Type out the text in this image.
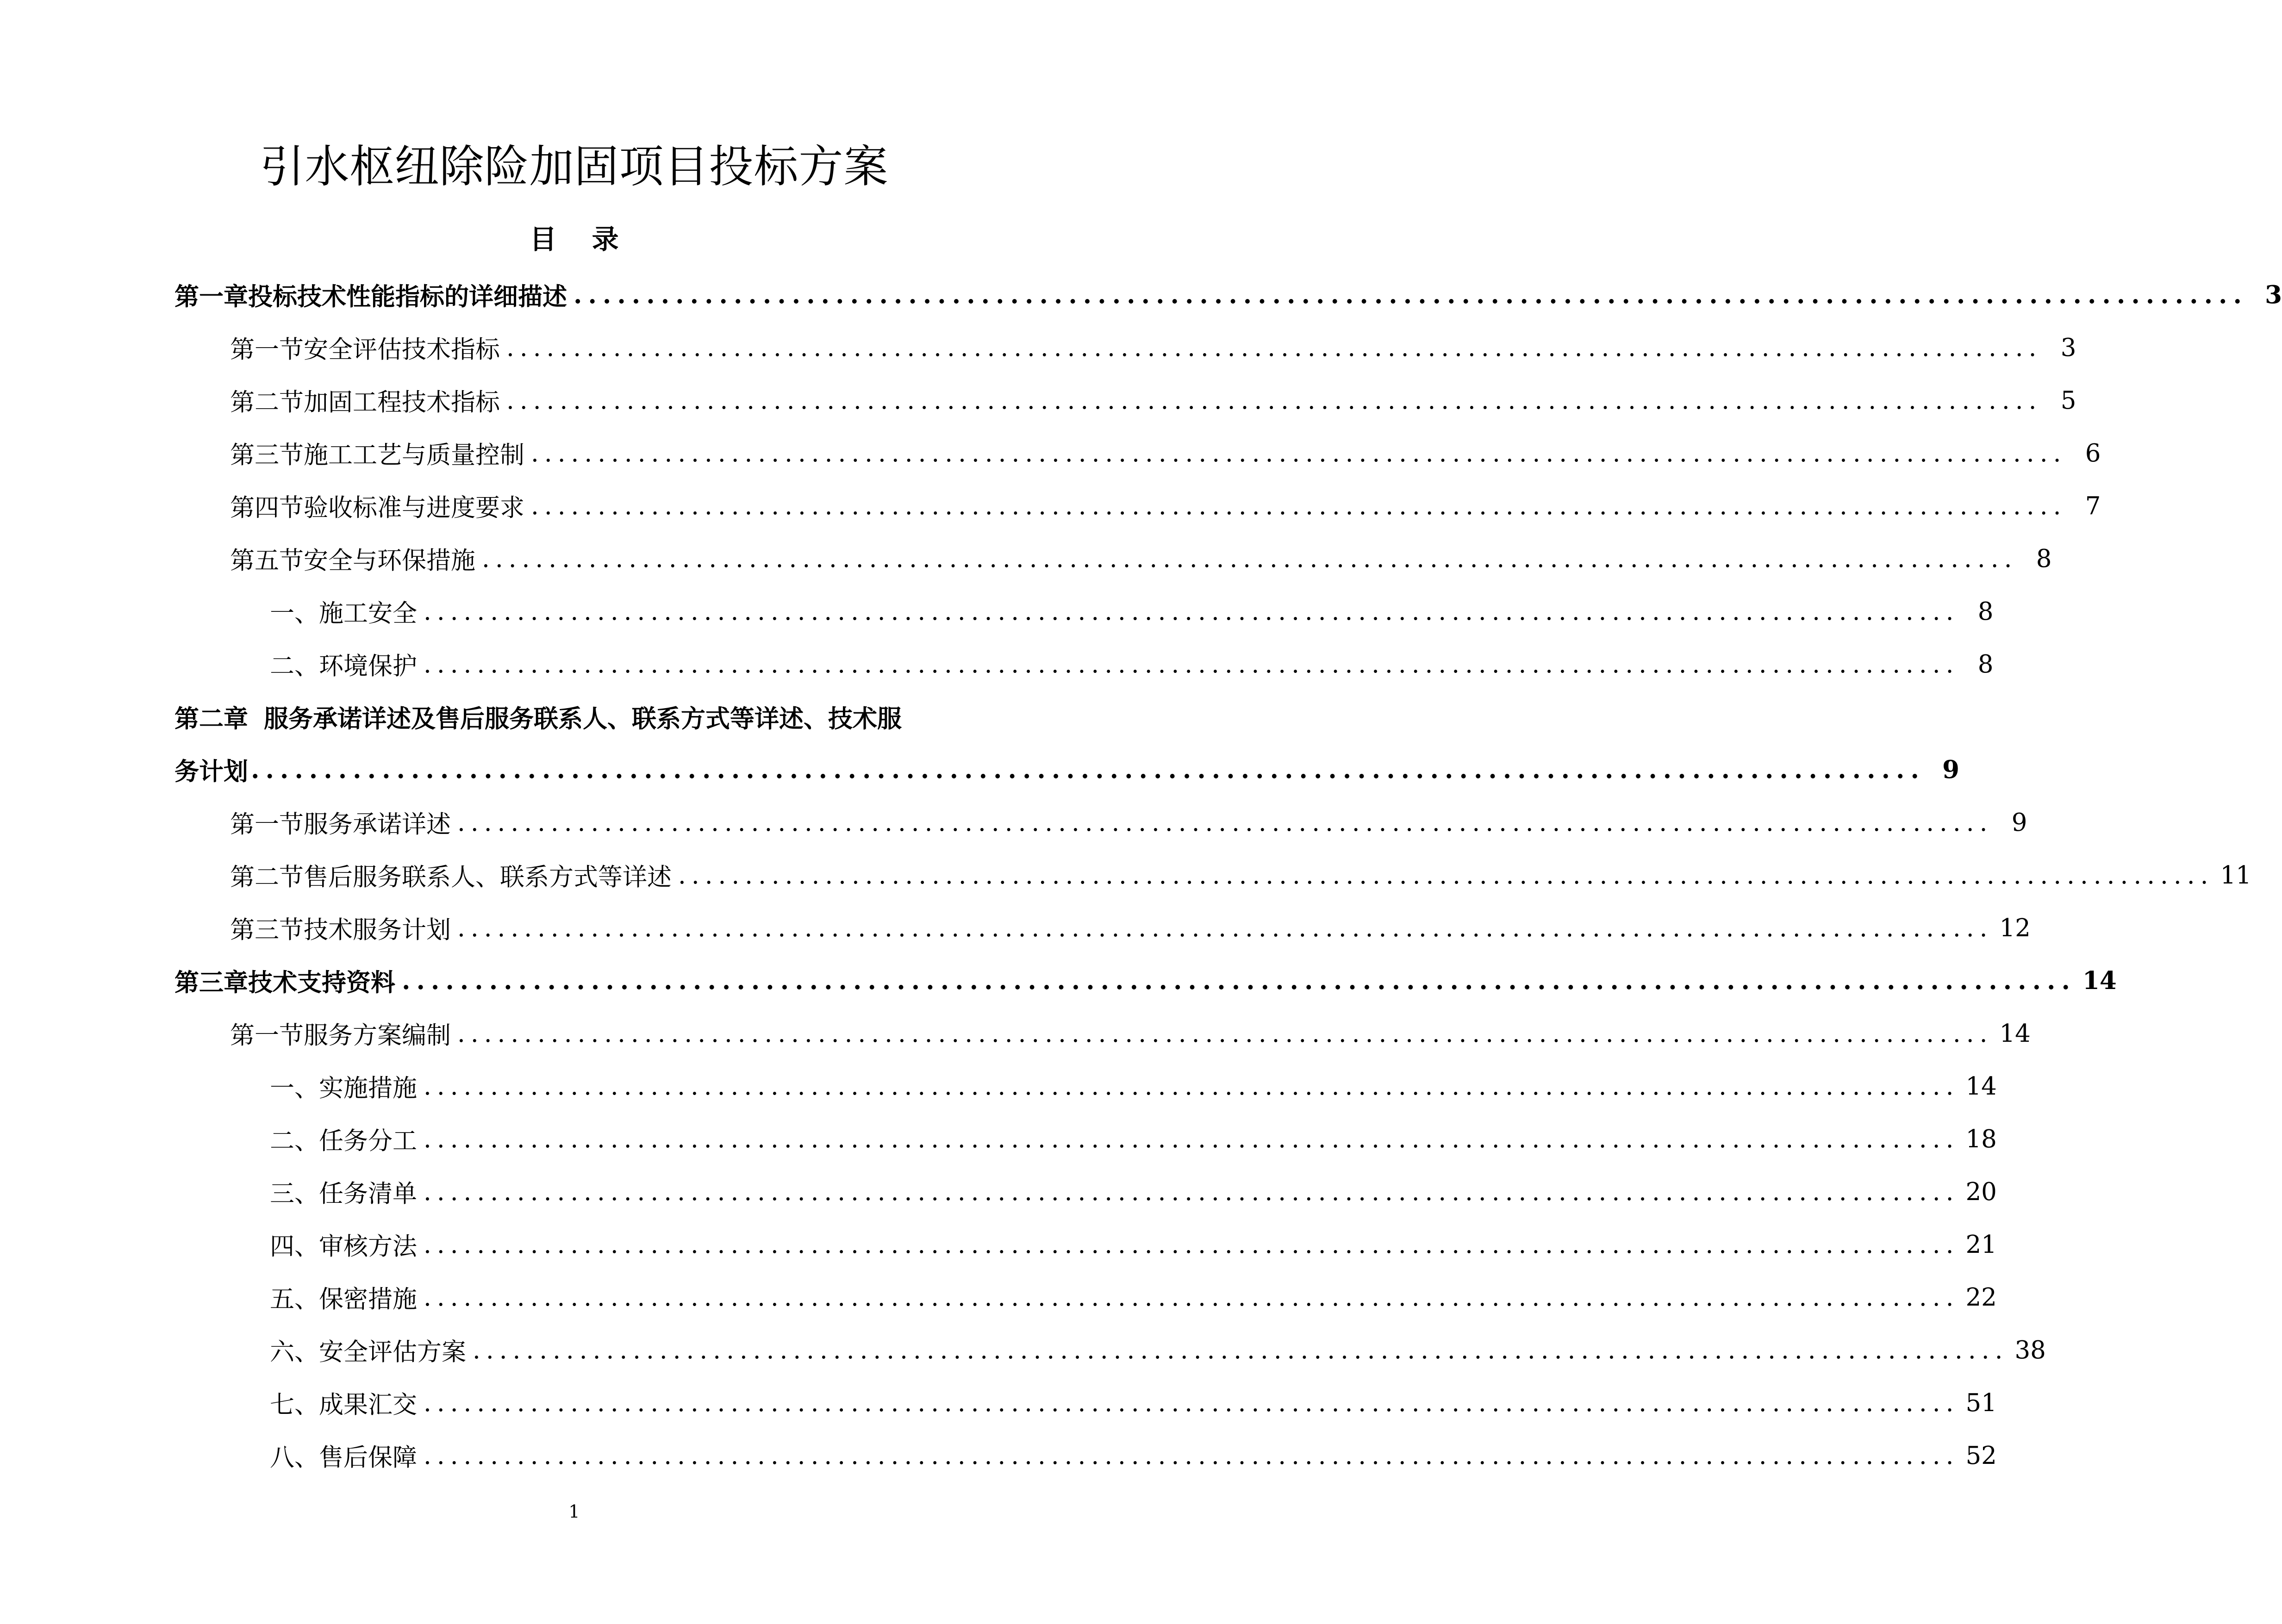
引水枢纽除险加固项目投标方案
目 录
第一章 投标技术性能指标的详细描述 ................................................................................................................... 3
第一节 安全评估技术指标 ................................................................................................................... 3
第二节 加固工程技术指标 ................................................................................................................... 5
第三节 施工工艺与质量控制 ................................................................................................................... 6
第四节 验收标准与进度要求 ................................................................................................................... 7
第五节 安全与环保措施 ................................................................................................................... 8
一、 施工安全 ................................................................................................................... 8
二、 环境保护 ................................................................................................................... 8
第二章 服务承诺详述及售后服务联系人、联系方式等详述、技术服
务计划 ................................................................................................................... 9
第一节 服务承诺详述 ................................................................................................................... 9
第二节 售后服务联系人、联系方式等详述 ................................................................................................................... 11
第三节 技术服务计划 ................................................................................................................... 12
第三章 技术支持资料 ................................................................................................................... 14
第一节 服务方案编制 ................................................................................................................... 14
一、 实施措施 ................................................................................................................... 14
二、 任务分工 ................................................................................................................... 18
三、 任务清单 ................................................................................................................... 20
四、 审核方法 ................................................................................................................... 21
五、 保密措施 ................................................................................................................... 22
六、 安全评估方案 ................................................................................................................... 38
七、 成果汇交 ................................................................................................................... 51
八、 售后保障 ................................................................................................................... 52
1
